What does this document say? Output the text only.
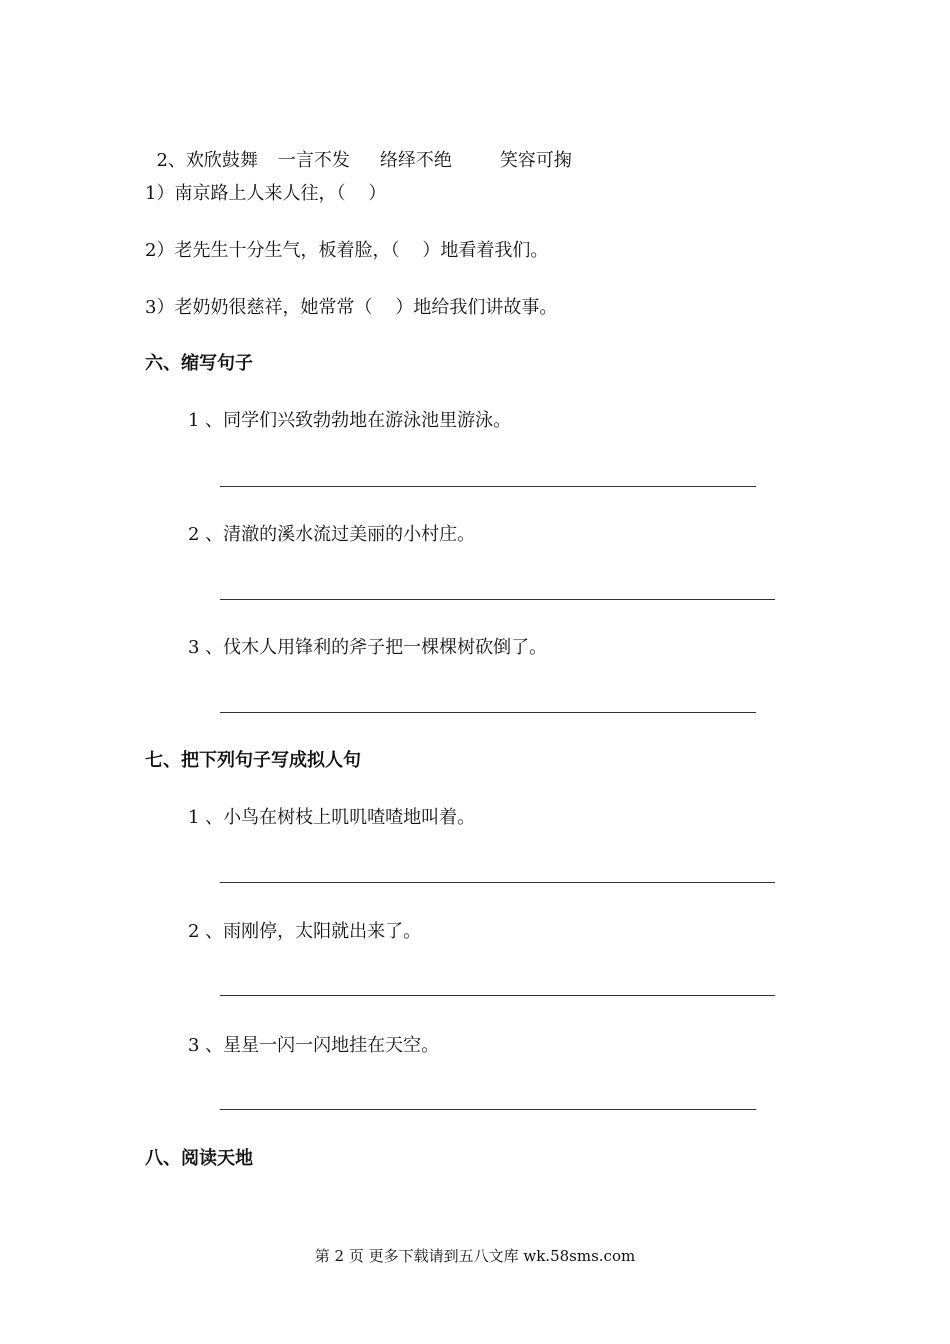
2、欢欣鼓舞 一言不发 络绎不绝	笑容可掬

1）南京路上人来人往，（    ）
2）老先生十分生气，板着脸，（    ）地看着我们。
3）老奶奶很慈祥，她常常（    ）地给我们讲故事。
六、缩写句子
1 、同学们兴致勃勃地在游泳池里游泳。
2 、清澈的溪水流过美丽的小村庄。
3 、伐木人用锋利的斧子把一棵棵树砍倒了。
七、把下列句子写成拟人句
1 、小鸟在树枝上叽叽喳喳地叫着。
2 、雨刚停，太阳就出来了。
3 、星星一闪一闪地挂在天空。
八、阅读天地
第 2 页 更多下载请到五八文库 wk.58sms.com
